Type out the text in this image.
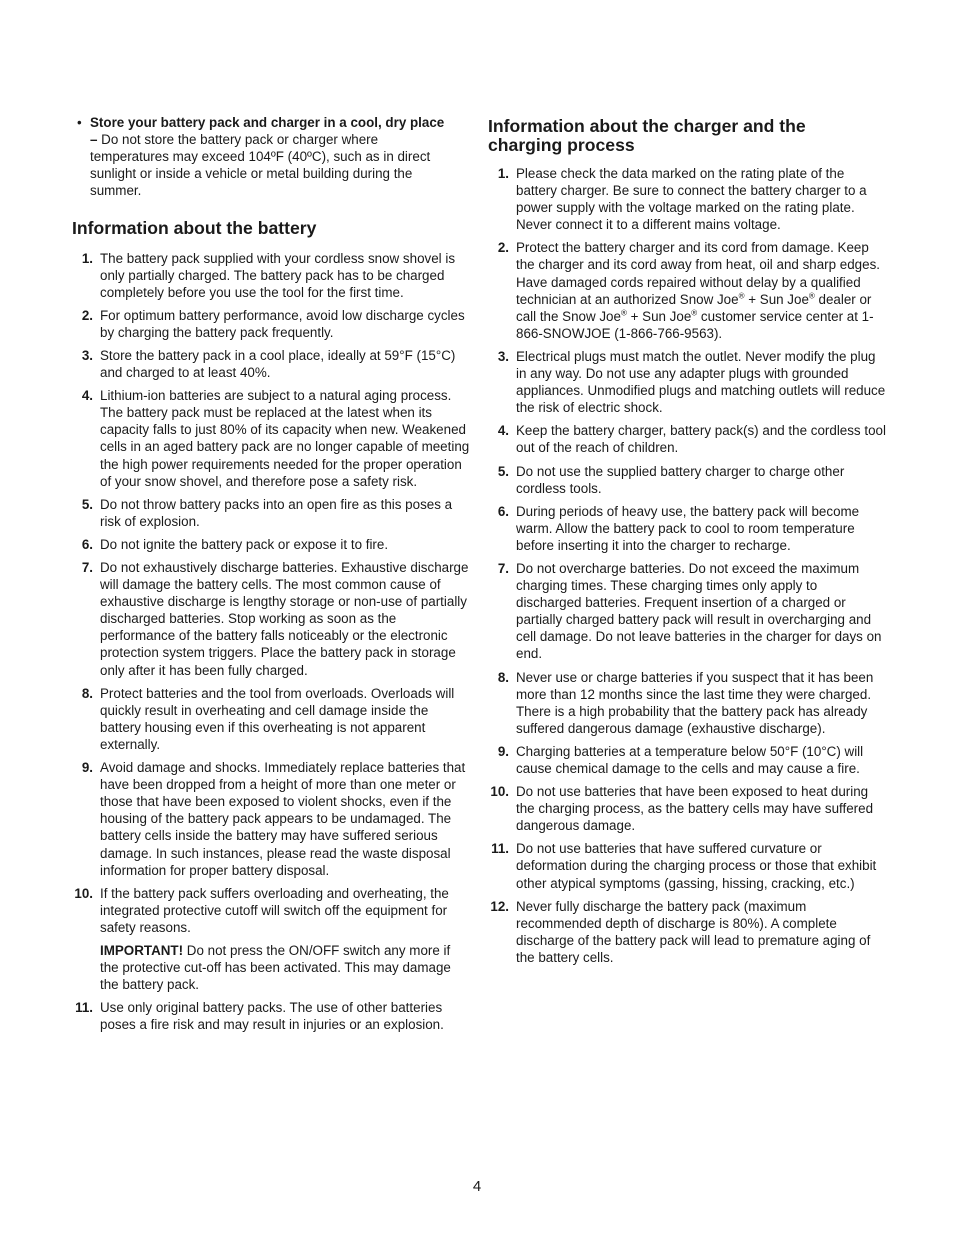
• Store your battery pack and charger in a cool, dry place – Do not store the battery pack or charger where temperatures may exceed 104ºF (40ºC), such as in direct sunlight or inside a vehicle or metal building during the summer.
Information about the battery
1. The battery pack supplied with your cordless snow shovel is only partially charged. The battery pack has to be charged completely before you use the tool for the first time.

2. For optimum battery performance, avoid low discharge cycles by charging the battery pack frequently.

3. Store the battery pack in a cool place, ideally at 59°F (15°C) and charged to at least 40%.

4. Lithium-ion batteries are subject to a natural aging process. The battery pack must be replaced at the latest when its capacity falls to just 80% of its capacity when new. Weakened cells in an aged battery pack are no longer capable of meeting the high power requirements needed for the proper operation of your snow shovel, and therefore pose a safety risk.

5. Do not throw battery packs into an open fire as this poses a risk of explosion.

6. Do not ignite the battery pack or expose it to fire.

7. Do not exhaustively discharge batteries. Exhaustive discharge will damage the battery cells. The most common cause of exhaustive discharge is lengthy storage or non-use of partially discharged batteries. Stop working as soon as the performance of the battery falls noticeably or the electronic protection system triggers. Place the battery pack in storage only after it has been fully charged.

8. Protect batteries and the tool from overloads. Overloads will quickly result in overheating and cell damage inside the battery housing even if this overheating is not apparent externally.

9. Avoid damage and shocks. Immediately replace batteries that have been dropped from a height of more than one meter or those that have been exposed to violent shocks, even if the housing of the battery pack appears to be undamaged. The battery cells inside the battery may have suffered serious damage. In such instances, please read the waste disposal information for proper battery disposal.

10. If the battery pack suffers overloading and overheating, the integrated protective cutoff will switch off the equipment for safety reasons.

IMPORTANT! Do not press the ON/OFF switch any more if the protective cut-off has been activated. This may damage the battery pack.

11. Use only original battery packs. The use of other batteries poses a fire risk and may result in injuries or an explosion.

Information about the charger and the charging process
1. Please check the data marked on the rating plate of the battery charger. Be sure to connect the battery charger to a power supply with the voltage marked on the rating plate. Never connect it to a different mains voltage.

2. Protect the battery charger and its cord from damage. Keep the charger and its cord away from heat, oil and sharp edges. Have damaged cords repaired without delay by a qualified technician at an authorized Snow Joe® + Sun Joe® dealer or call the Snow Joe® + Sun Joe® customer service center at 1-866-SNOWJOE (1-866-766-9563).

3. Electrical plugs must match the outlet. Never modify the plug in any way. Do not use any adapter plugs with grounded appliances. Unmodified plugs and matching outlets will reduce the risk of electric shock.

4. Keep the battery charger, battery pack(s) and the cordless tool out of the reach of children.

5. Do not use the supplied battery charger to charge other cordless tools.

6. During periods of heavy use, the battery pack will become warm. Allow the battery pack to cool to room temperature before inserting it into the charger to recharge.

7. Do not overcharge batteries. Do not exceed the maximum charging times. These charging times only apply to discharged batteries. Frequent insertion of a charged or partially charged battery pack will result in overcharging and cell damage. Do not leave batteries in the charger for days on end.

8. Never use or charge batteries if you suspect that it has been more than 12 months since the last time they were charged. There is a high probability that the battery pack has already suffered dangerous damage (exhaustive discharge).

9. Charging batteries at a temperature below 50°F (10°C) will cause chemical damage to the cells and may cause a fire.

10. Do not use batteries that have been exposed to heat during the charging process, as the battery cells may have suffered dangerous damage.

11. Do not use batteries that have suffered curvature or deformation during the charging process or those that exhibit other atypical symptoms (gassing, hissing, cracking, etc.)

12. Never fully discharge the battery pack (maximum recommended depth of discharge is 80%). A complete discharge of the battery pack will lead to premature aging of the battery cells.

4
